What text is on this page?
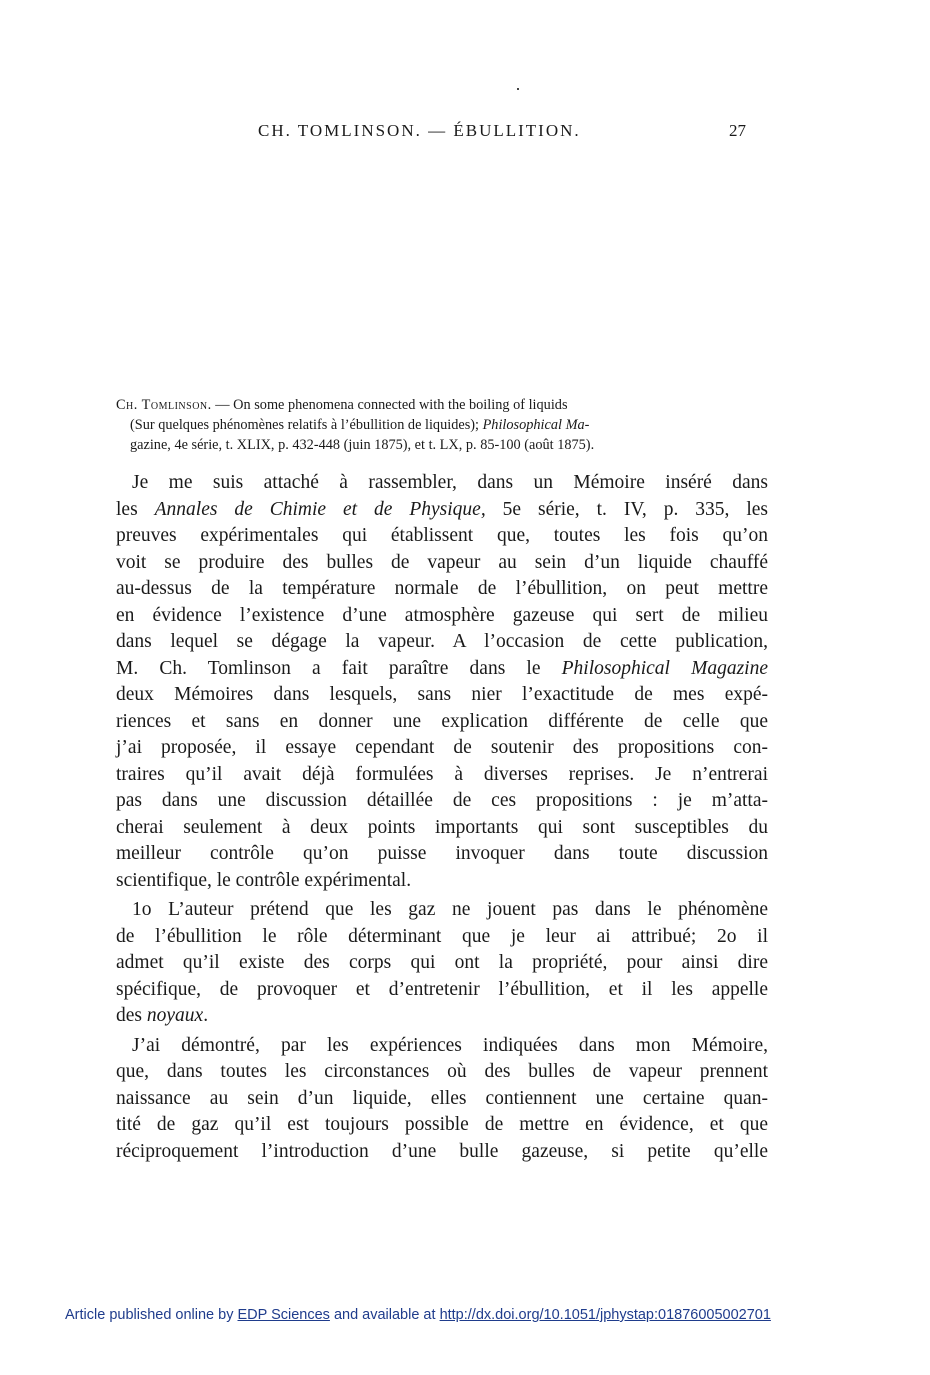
CH. TOMLINSON. — ÉBULLITION.	27
Ch. Tomlinson. — On some phenomena connected with the boiling of liquids
(Sur quelques phénomènes relatifs à l’ébullition de liquides); Philosophical Ma-
gazine, 4e série, t. XLIX, p. 432-448 (juin 1875), et t. LX, p. 85-100 (août 1875).
Je me suis attaché à rassembler, dans un Mémoire inséré dans
les Annales de Chimie et de Physique, 5e série, t. IV, p. 335, les
preuves expérimentales qui établissent que, toutes les fois qu’on
voit se produire des bulles de vapeur au sein d’un liquide chauffé
au-dessus de la température normale de l’ébullition, on peut mettre
en évidence l’existence d’une atmosphère gazeuse qui sert de milieu
dans lequel se dégage la vapeur. A l’occasion de cette publication,
M. Ch. Tomlinson a fait paraître dans le Philosophical Magazine
deux Mémoires dans lesquels, sans nier l’exactitude de mes expé-
riences et sans en donner une explication différente de celle que
j’ai proposée, il essaye cependant de soutenir des propositions con-
traires qu’il avait déjà formulées à diverses reprises. Je n’entrerai
pas dans une discussion détaillée de ces propositions : je m’atta-
cherai seulement à deux points importants qui sont susceptibles du
meilleur contrôle qu’on puisse invoquer dans toute discussion
scientifique, le contrôle expérimental.
1o L’auteur prétend que les gaz ne jouent pas dans le phénomène
de l’ébullition le rôle déterminant que je leur ai attribué; 2o il
admet qu’il existe des corps qui ont la propriété, pour ainsi dire
spécifique, de provoquer et d’entretenir l’ébullition, et il les appelle
des noyaux.
J’ai démontré, par les expériences indiquées dans mon Mémoire,
que, dans toutes les circonstances où des bulles de vapeur prennent
naissance au sein d’un liquide, elles contiennent une certaine quan-
tité de gaz qu’il est toujours possible de mettre en évidence, et que
réciproquement l’introduction d’une bulle gazeuse, si petite qu’elle
Article published online by EDP Sciences and available at http://dx.doi.org/10.1051/jphystap:01876005002701
